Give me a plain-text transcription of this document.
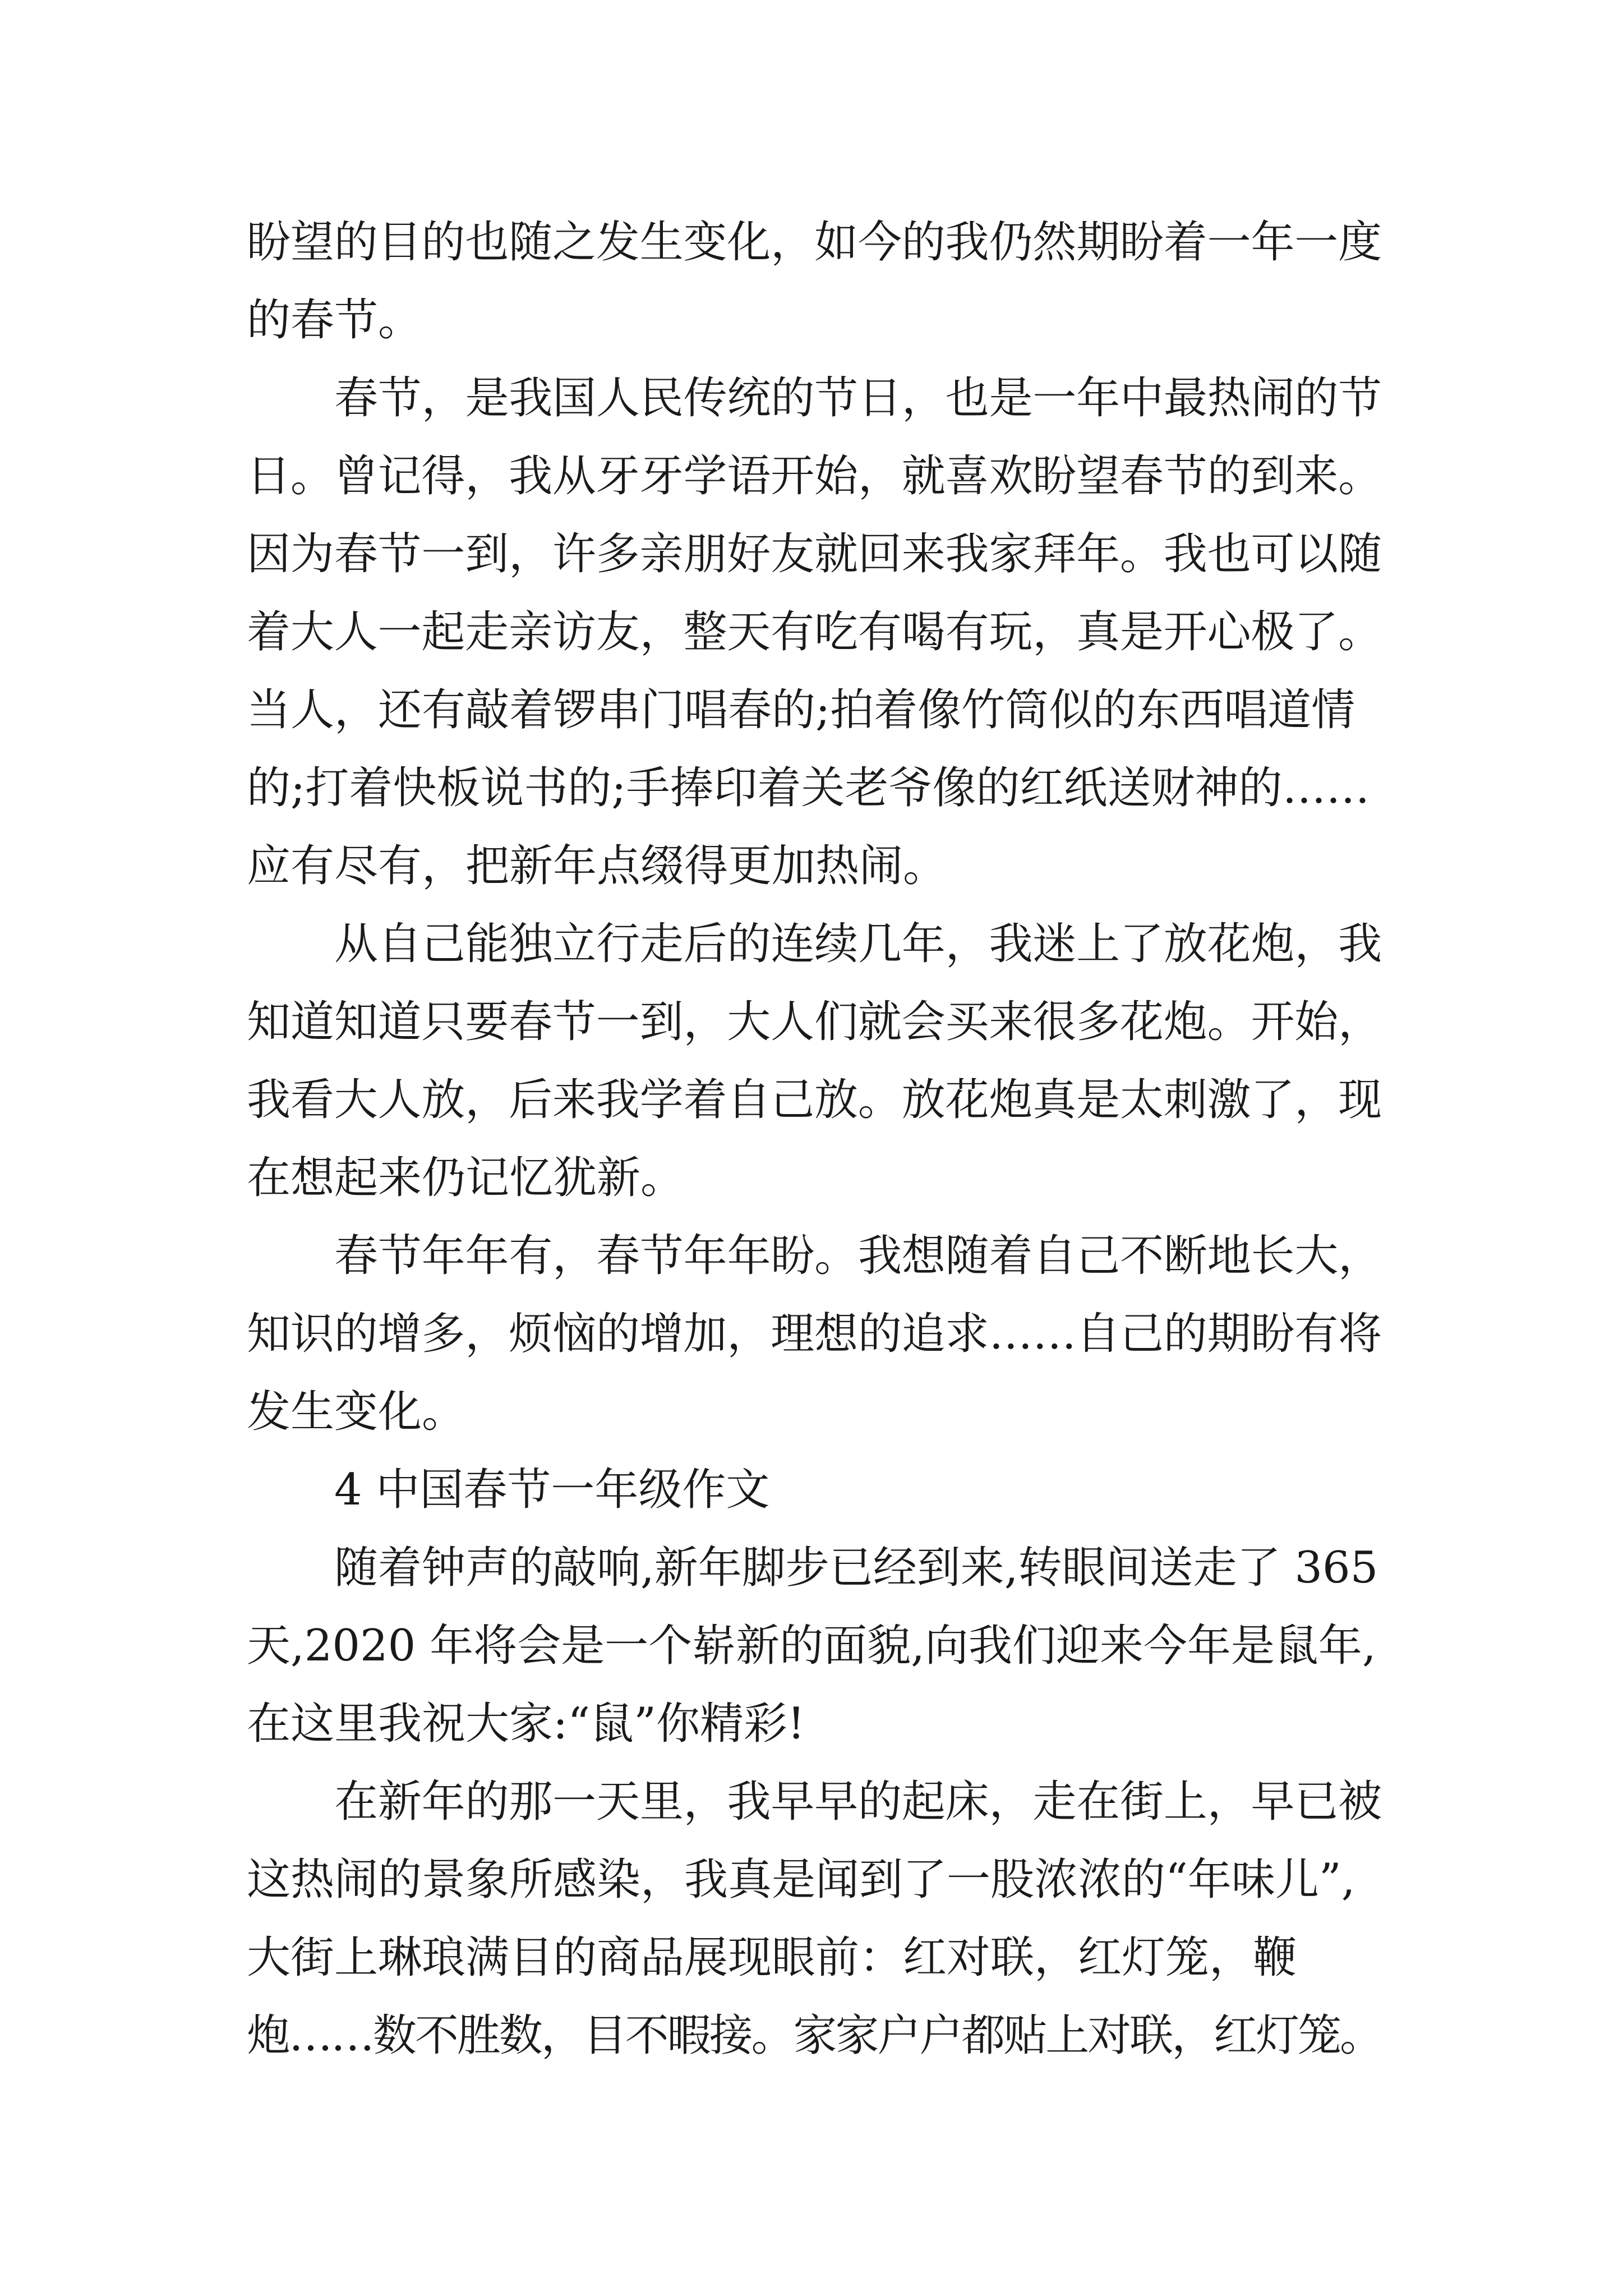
盼望的目的也随之发生变化，如今的我仍然期盼着一年一度
的春节。
春节，是我国人民传统的节日，也是一年中最热闹的节
日。曾记得，我从牙牙学语开始，就喜欢盼望春节的到来。
因为春节一到，许多亲朋好友就回来我家拜年。我也可以随
着大人一起走亲访友，整天有吃有喝有玩，真是开心极了。
当人，还有敲着锣串门唱春的;拍着像竹筒似的东西唱道情
的;打着快板说书的;手捧印着关老爷像的红纸送财神的……
应有尽有，把新年点缀得更加热闹。
从自己能独立行走后的连续几年，我迷上了放花炮，我
知道知道只要春节一到，大人们就会买来很多花炮。开始，
我看大人放，后来我学着自己放。放花炮真是太刺激了，现
在想起来仍记忆犹新。
春节年年有，春节年年盼。我想随着自己不断地长大，
知识的增多，烦恼的增加，理想的追求……自己的期盼有将
发生变化。
4 中国春节一年级作文
随着钟声的敲响,新年脚步已经到来,转眼间送走了 365
天,2020 年将会是一个崭新的面貌,向我们迎来今年是鼠年,
在这里我祝大家:“鼠”你精彩!
在新年的那一天里，我早早的起床，走在街上，早已被
这热闹的景象所感染，我真是闻到了一股浓浓的“年味儿”,
大街上琳琅满目的商品展现眼前：红对联，红灯笼，鞭
炮……数不胜数，目不暇接。家家户户都贴上对联，红灯笼。
